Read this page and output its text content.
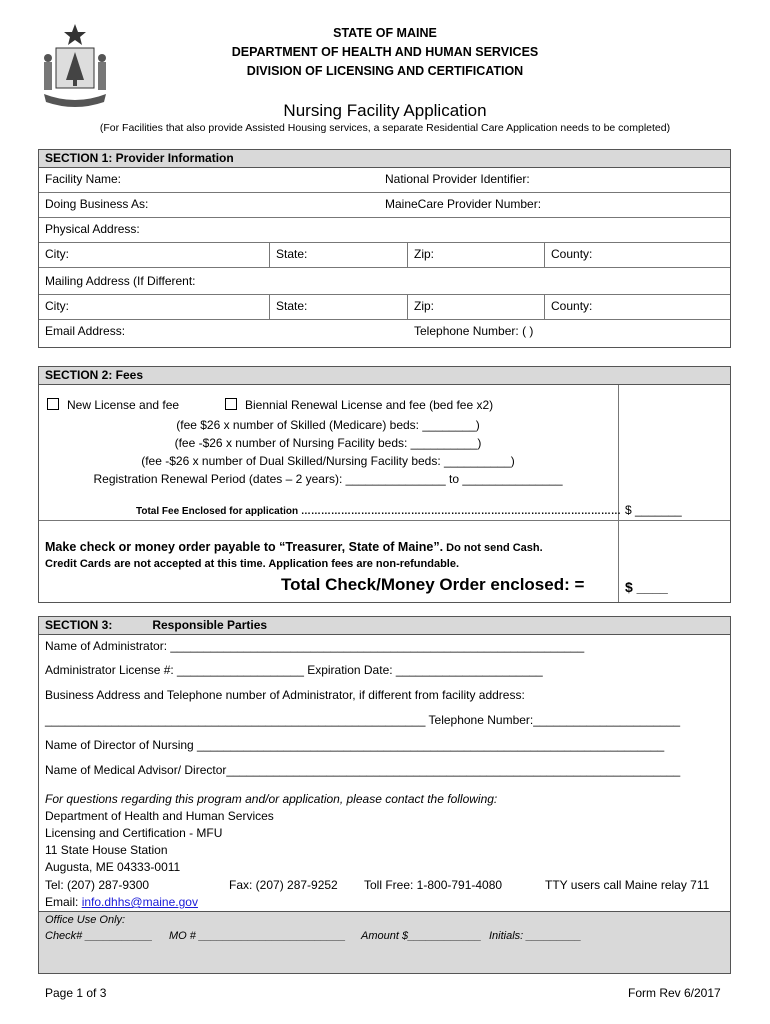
STATE OF MAINE
DEPARTMENT OF HEALTH AND HUMAN SERVICES
DIVISION OF LICENSING AND CERTIFICATION
Nursing Facility Application
(For Facilities that also provide Assisted Housing services, a separate Residential Care Application needs to be completed)
SECTION 1: Provider Information
Facility Name:	National Provider Identifier:
Doing Business As:	MaineCare Provider Number:
Physical Address:
City:	State:	Zip:	County:
Mailing Address (If Different:
City:	State:	Zip:	County:
Email Address:	Telephone Number: ( )
SECTION 2: Fees
New License and fee	Biennial Renewal License and fee (bed fee x2)
(fee $26 x number of Skilled (Medicare) beds: ________)
(fee -$26 x number of Nursing Facility beds: __________)
(fee -$26 x number of Dual Skilled/Nursing Facility beds: __________)
Registration Renewal Period (dates – 2 years): _______________ to _______________
Total Fee Enclosed for application …………………………………………………………………………………… $ _______
Make check or money order payable to “Treasurer, State of Maine”. Do not send Cash.
Credit Cards are not accepted at this time. Application fees are non-refundable.
Total Check/Money Order enclosed: =	$ ____
SECTION 3:	Responsible Parties
Name of Administrator: ______________________________________________________________
Administrator License #: ___________________ Expiration Date: ______________________
Business Address and Telephone number of Administrator, if different from facility address:
_________________________________________________________ Telephone Number:______________________
Name of Director of Nursing ______________________________________________________________________
Name of Medical Advisor/ Director____________________________________________________________________
For questions regarding this program and/or application, please contact the following:
Department of Health and Human Services
Licensing and Certification - MFU
11 State House Station
Augusta, ME 04333-0011
Tel: (207) 287-9300	Fax: (207) 287-9252 Toll Free: 1-800-791-4080	TTY users call Maine relay 711
Email: info.dhhs@maine.gov
Office Use Only:
Check# ___________ MO # ________________________ Amount $____________ Initials: _________
Page 1 of 3	Form Rev 6/2017
